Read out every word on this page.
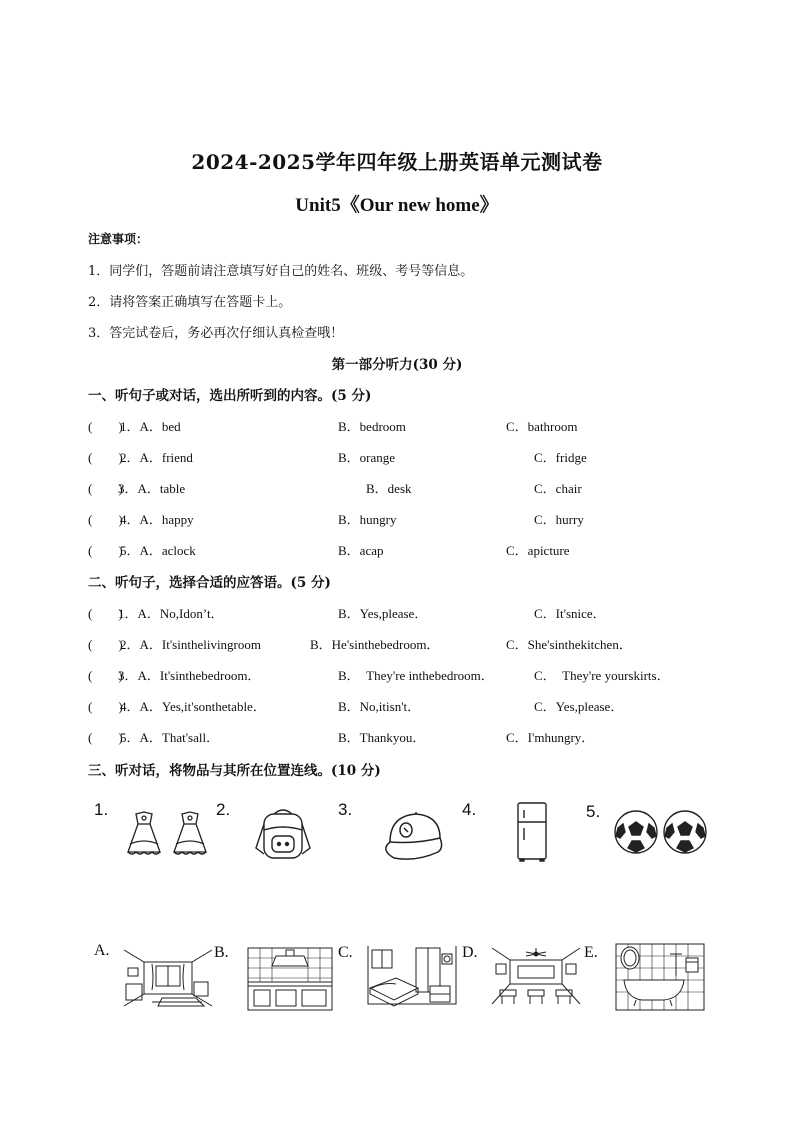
2024-2025学年四年级上册英语单元测试卷
Unit5《Our new home》
注意事项：
1．同学们，答题前请注意填写好自己的姓名、班级、考号等信息。
2．请将答案正确填写在答题卡上。
3．答完试卷后，务必再次仔细认真检查哦！
第一部分听力(30 分)
一、听句子或对话，选出所听到的内容。(5 分)
(　　)
1．A．bed	B．bedroom	C．bathroom
(　　)
2．A．friend	B．orange	C．fridge
(　　)
3．A．table	B．desk	C．chair
(　　)
4．A．happy	B．hungry	C．hurry
(　　)
5．A．aclock	B．acap	C．apicture
二、听句子，选择合适的应答语。(5 分)
(　　)
1．A．No,Idon’t．	B．Yes,please．	C．It'snice．
(　　)
2．A．It'sinthelivingroom	B．He'sinthebedroom．	C．She'sinthekitchen．
(　　)
3．A．It'sinthebedroom．	B．　They're inthebedroom．	C．　They're yourskirts．
(　　)
4．A．Yes,it'sonthetable．	B．No,itisn't．	C．Yes,please．
(　　)
5．A．That'sall．	B．Thankyou．	C．I'mhungry．
三、听对话，将物品与其所在位置连线。(10 分)
1.	2.	3.	4.	5.
A.	B.	C.	D.	E.
